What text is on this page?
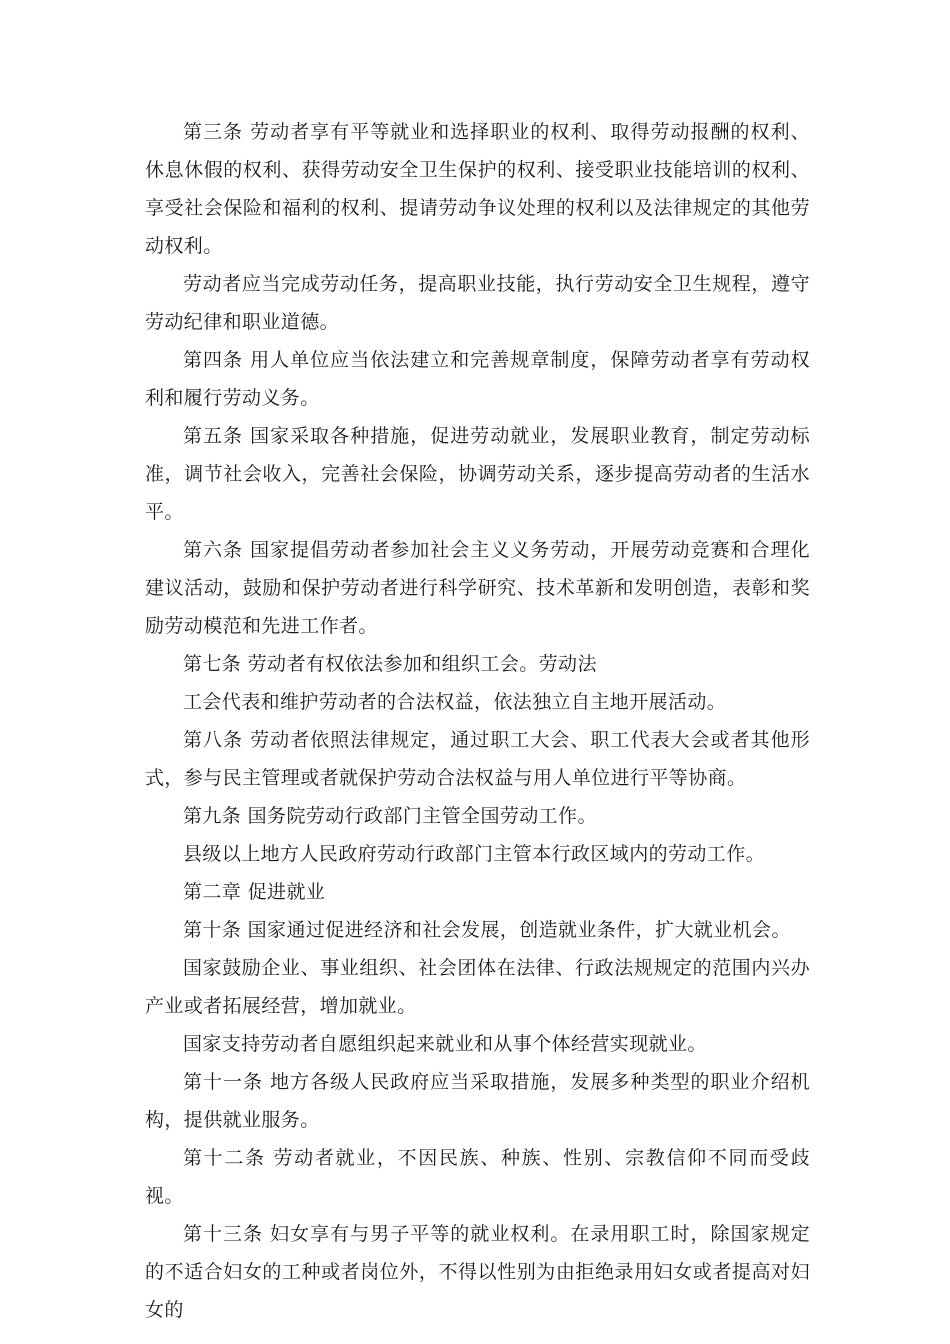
第三条 劳动者享有平等就业和选择职业的权利、取得劳动报酬的权利、休息休假的权利、获得劳动安全卫生保护的权利、接受职业技能培训的权利、享受社会保险和福利的权利、提请劳动争议处理的权利以及法律规定的其他劳动权利。

劳动者应当完成劳动任务，提高职业技能，执行劳动安全卫生规程，遵守劳动纪律和职业道德。

第四条 用人单位应当依法建立和完善规章制度，保障劳动者享有劳动权利和履行劳动义务。

第五条 国家采取各种措施，促进劳动就业，发展职业教育，制定劳动标准，调节社会收入，完善社会保险，协调劳动关系，逐步提高劳动者的生活水平。

第六条 国家提倡劳动者参加社会主义义务劳动，开展劳动竞赛和合理化建议活动，鼓励和保护劳动者进行科学研究、技术革新和发明创造，表彰和奖励劳动模范和先进工作者。

第七条 劳动者有权依法参加和组织工会。劳动法

工会代表和维护劳动者的合法权益，依法独立自主地开展活动。

第八条 劳动者依照法律规定，通过职工大会、职工代表大会或者其他形式，参与民主管理或者就保护劳动合法权益与用人单位进行平等协商。

第九条 国务院劳动行政部门主管全国劳动工作。

县级以上地方人民政府劳动行政部门主管本行政区域内的劳动工作。

第二章 促进就业

第十条 国家通过促进经济和社会发展，创造就业条件，扩大就业机会。

国家鼓励企业、事业组织、社会团体在法律、行政法规规定的范围内兴办产业或者拓展经营，增加就业。

国家支持劳动者自愿组织起来就业和从事个体经营实现就业。

第十一条 地方各级人民政府应当采取措施，发展多种类型的职业介绍机构，提供就业服务。

第十二条 劳动者就业，不因民族、种族、性别、宗教信仰不同而受歧视。

第十三条 妇女享有与男子平等的就业权利。在录用职工时，除国家规定的不适合妇女的工种或者岗位外，不得以性别为由拒绝录用妇女或者提高对妇女的
